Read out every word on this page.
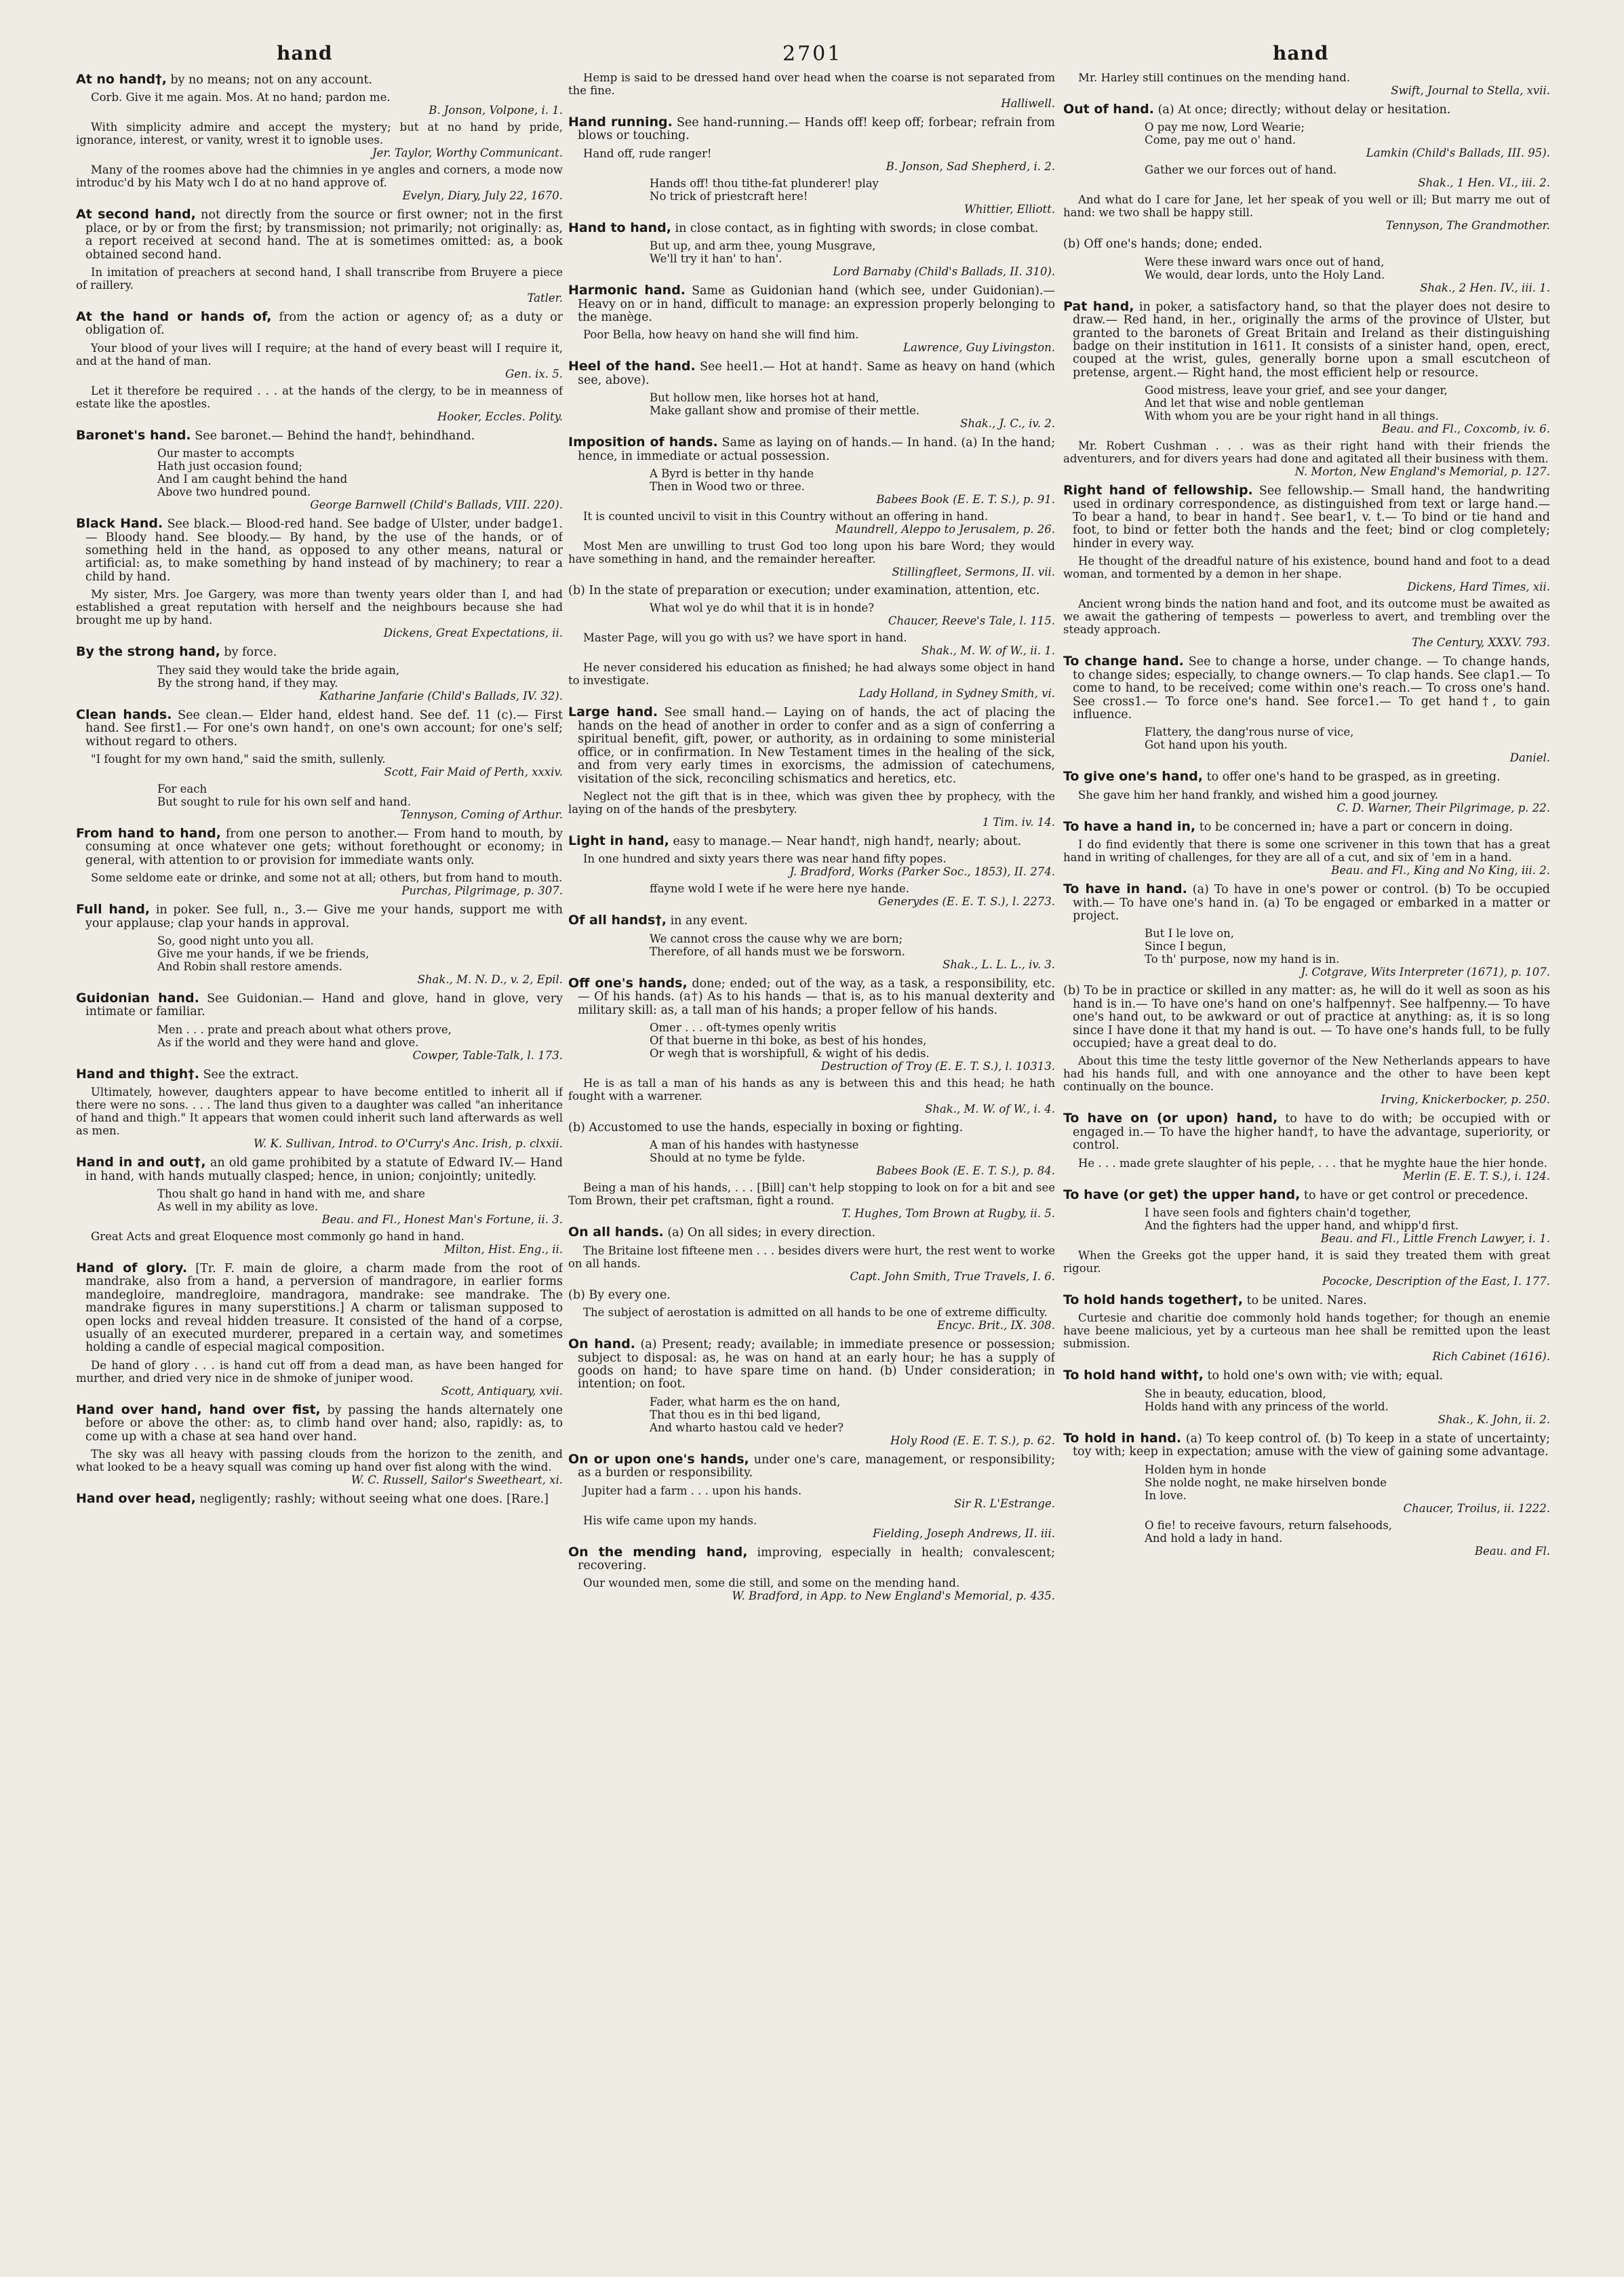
hand	2701	hand

At no hand†, by no means; not on any account.

Corb. Give it me again. Mos. At no hand; pardon me.
B. Jonson, Volpone, i. 1.

With simplicity admire and accept the mystery; but at no hand by pride, ignorance, interest, or vanity, wrest it to ignoble uses.
Jer. Taylor, Worthy Communicant.

Many of the roomes above had the chimnies in ye angles and corners, a mode now introduc'd by his Maty wch I do at no hand approve of.
Evelyn, Diary, July 22, 1670.

At second hand, not directly from the source or first owner; not in the first place, or by or from the first; by transmission; not primarily; not originally: as, a report received at second hand. The at is sometimes omitted: as, a book obtained second hand.

In imitation of preachers at second hand, I shall transcribe from Bruyere a piece of raillery.
Tatler.

At the hand or hands of, from the action or agency of; as a duty or obligation of.

Your blood of your lives will I require; at the hand of every beast will I require it, and at the hand of man.
Gen. ix. 5.

Let it therefore be required . . . at the hands of the clergy, to be in meanness of estate like the apostles.
Hooker, Eccles. Polity.

Baronet's hand. See baronet.— Behind the hand†, behindhand.

Our master to accompts
Hath just occasion found;
And I am caught behind the hand
Above two hundred pound.
George Barnwell (Child's Ballads, VIII. 220).

Black Hand. See black.— Blood-red hand. See badge of Ulster, under badge1.— Bloody hand. See bloody.— By hand, by the use of the hands, or of something held in the hand, as opposed to any other means, natural or artificial: as, to make something by hand instead of by machinery; to rear a child by hand.

My sister, Mrs. Joe Gargery, was more than twenty years older than I, and had established a great reputation with herself and the neighbours because she had brought me up by hand.
Dickens, Great Expectations, ii.

By the strong hand, by force.

They said they would take the bride again,
By the strong hand, if they may.
Katharine Janfarie (Child's Ballads, IV. 32).

Clean hands. See clean.— Elder hand, eldest hand. See def. 11 (c).— First hand. See first1.— For one's own hand†, on one's own account; for one's self; without regard to others.

"I fought for my own hand," said the smith, sullenly.
Scott, Fair Maid of Perth, xxxiv.

For each
But sought to rule for his own self and hand.
Tennyson, Coming of Arthur.

From hand to hand, from one person to another.— From hand to mouth, by consuming at once whatever one gets; without forethought or economy; in general, with attention to or provision for immediate wants only.

Some seldome eate or drinke, and some not at all; others, but from hand to mouth.
Purchas, Pilgrimage, p. 307.

Full hand, in poker. See full, n., 3.— Give me your hands, support me with your applause; clap your hands in approval.

So, good night unto you all.
Give me your hands, if we be friends,
And Robin shall restore amends.
Shak., M. N. D., v. 2, Epil.

Guidonian hand. See Guidonian.— Hand and glove, hand in glove, very intimate or familiar.

Men . . . prate and preach about what others prove,
As if the world and they were hand and glove.
Cowper, Table-Talk, l. 173.

Hand and thigh†. See the extract.

Ultimately, however, daughters appear to have become entitled to inherit all if there were no sons. . . . The land thus given to a daughter was called "an inheritance of hand and thigh." It appears that women could inherit such land afterwards as well as men.
W. K. Sullivan, Introd. to O'Curry's Anc. Irish, p. clxxii.

Hand in and out†, an old game prohibited by a statute of Edward IV.— Hand in hand, with hands mutually clasped; hence, in union; conjointly; unitedly.

Thou shalt go hand in hand with me, and share
As well in my ability as love.
Beau. and Fl., Honest Man's Fortune, ii. 3.

Great Acts and great Eloquence most commonly go hand in hand.
Milton, Hist. Eng., ii.

Hand of glory. [Tr. F. main de gloire, a charm made from the root of mandrake, also from a hand, a perversion of mandragore, in earlier forms mandegloire, mandregloire, mandragora, mandrake: see mandrake. The mandrake figures in many superstitions.] A charm or talisman supposed to open locks and reveal hidden treasure. It consisted of the hand of a corpse, usually of an executed murderer, prepared in a certain way, and sometimes holding a candle of especial magical composition.

De hand of glory . . . is hand cut off from a dead man, as have been hanged for murther, and dried very nice in de shmoke of juniper wood.
Scott, Antiquary, xvii.

Hand over hand, hand over fist, by passing the hands alternately one before or above the other: as, to climb hand over hand; also, rapidly: as, to come up with a chase at sea hand over hand.

The sky was all heavy with passing clouds from the horizon to the zenith, and what looked to be a heavy squall was coming up hand over fist along with the wind.
W. C. Russell, Sailor's Sweetheart, xi.

Hand over head, negligently; rashly; without seeing what one does. [Rare.]

Hemp is said to be dressed hand over head when the coarse is not separated from the fine.
Halliwell.

Hand running. See hand-running.— Hands off! keep off; forbear; refrain from blows or touching.

Hand off, rude ranger!
B. Jonson, Sad Shepherd, i. 2.

Hands off! thou tithe-fat plunderer! play
No trick of priestcraft here!
Whittier, Elliott.

Hand to hand, in close contact, as in fighting with swords; in close combat.

But up, and arm thee, young Musgrave,
We'll try it han' to han'.
Lord Barnaby (Child's Ballads, II. 310).

Harmonic hand. Same as Guidonian hand (which see, under Guidonian).— Heavy on or in hand, difficult to manage: an expression properly belonging to the manège.

Poor Bella, how heavy on hand she will find him.
Lawrence, Guy Livingston.

Heel of the hand. See heel1.— Hot at hand†. Same as heavy on hand (which see, above).

But hollow men, like horses hot at hand,
Make gallant show and promise of their mettle.
Shak., J. C., iv. 2.

Imposition of hands. Same as laying on of hands.— In hand. (a) In the hand; hence, in immediate or actual possession.

A Byrd is better in thy hande
Then in Wood two or three.
Babees Book (E. E. T. S.), p. 91.

It is counted uncivil to visit in this Country without an offering in hand.
Maundrell, Aleppo to Jerusalem, p. 26.

Most Men are unwilling to trust God too long upon his bare Word; they would have something in hand, and the remainder hereafter.
Stillingfleet, Sermons, II. vii.

(b) In the state of preparation or execution; under examination, attention, etc.

What wol ye do whil that it is in honde?
Chaucer, Reeve's Tale, l. 115.

Master Page, will you go with us? we have sport in hand.
Shak., M. W. of W., ii. 1.

He never considered his education as finished; he had always some object in hand to investigate.
Lady Holland, in Sydney Smith, vi.

Large hand. See small hand.— Laying on of hands, the act of placing the hands on the head of another in order to confer and as a sign of conferring a spiritual benefit, gift, power, or authority, as in ordaining to some ministerial office, or in confirmation. In New Testament times in the healing of the sick, and from very early times in exorcisms, the admission of catechumens, visitation of the sick, reconciling schismatics and heretics, etc.

Neglect not the gift that is in thee, which was given thee by prophecy, with the laying on of the hands of the presbytery.
1 Tim. iv. 14.

Light in hand, easy to manage.— Near hand†, nigh hand†, nearly; about.

In one hundred and sixty years there was near hand fifty popes.
J. Bradford, Works (Parker Soc., 1853), II. 274.

ffayne wold I wete if he were here nye hande.
Generydes (E. E. T. S.), l. 2273.

Of all hands†, in any event.

We cannot cross the cause why we are born;
Therefore, of all hands must we be forsworn.
Shak., L. L. L., iv. 3.

Off one's hands, done; ended; out of the way, as a task, a responsibility, etc.— Of his hands. (a†) As to his hands — that is, as to his manual dexterity and military skill: as, a tall man of his hands; a proper fellow of his hands.

Omer . . . oft-tymes openly writis
Of that buerne in thi boke, as best of his hondes,
Or wegh that is worshipfull, & wight of his dedis.
Destruction of Troy (E. E. T. S.), l. 10313.

He is as tall a man of his hands as any is between this and this head; he hath fought with a warrener.
Shak., M. W. of W., i. 4.

(b) Accustomed to use the hands, especially in boxing or fighting.

A man of his handes with hastynesse
Should at no tyme be fylde.
Babees Book (E. E. T. S.), p. 84.

Being a man of his hands, . . . [Bill] can't help stopping to look on for a bit and see Tom Brown, their pet craftsman, fight a round.
T. Hughes, Tom Brown at Rugby, ii. 5.

On all hands. (a) On all sides; in every direction.

The Britaine lost fifteene men . . . besides divers were hurt, the rest went to worke on all hands.
Capt. John Smith, True Travels, I. 6.

(b) By every one.

The subject of aerostation is admitted on all hands to be one of extreme difficulty.
Encyc. Brit., IX. 308.

On hand. (a) Present; ready; available; in immediate presence or possession; subject to disposal: as, he was on hand at an early hour; he has a supply of goods on hand; to have spare time on hand. (b) Under consideration; in intention; on foot.

Fader, what harm es the on hand,
That thou es in thi bed ligand,
And wharto hastou cald ve heder?
Holy Rood (E. E. T. S.), p. 62.

On or upon one's hands, under one's care, management, or responsibility; as a burden or responsibility.

Jupiter had a farm . . . upon his hands.
Sir R. L'Estrange.

His wife came upon my hands.
Fielding, Joseph Andrews, II. iii.

On the mending hand, improving, especially in health; convalescent; recovering.

Our wounded men, some die still, and some on the mending hand.
W. Bradford, in App. to New England's Memorial, p. 435.

Mr. Harley still continues on the mending hand.
Swift, Journal to Stella, xvii.

Out of hand. (a) At once; directly; without delay or hesitation.

O pay me now, Lord Wearie;
Come, pay me out o' hand.
Lamkin (Child's Ballads, III. 95).
Gather we our forces out of hand.
Shak., 1 Hen. VI., iii. 2.

And what do I care for Jane, let her speak of you well or ill; But marry me out of hand: we two shall be happy still.
Tennyson, The Grandmother.

(b) Off one's hands; done; ended.

Were these inward wars once out of hand,
We would, dear lords, unto the Holy Land.
Shak., 2 Hen. IV., iii. 1.

Pat hand, in poker, a satisfactory hand, so that the player does not desire to draw.— Red hand, in her., originally the arms of the province of Ulster, but granted to the baronets of Great Britain and Ireland as their distinguishing badge on their institution in 1611. It consists of a sinister hand, open, erect, couped at the wrist, gules, generally borne upon a small escutcheon of pretense, argent.— Right hand, the most efficient help or resource.

Good mistress, leave your grief, and see your danger,
And let that wise and noble gentleman
With whom you are be your right hand in all things.
Beau. and Fl., Coxcomb, iv. 6.

Mr. Robert Cushman . . . was as their right hand with their friends the adventurers, and for divers years had done and agitated all their business with them.
N. Morton, New England's Memorial, p. 127.

Right hand of fellowship. See fellowship.— Small hand, the handwriting used in ordinary correspondence, as distinguished from text or large hand.— To bear a hand, to bear in hand†. See bear1, v. t.— To bind or tie hand and foot, to bind or fetter both the hands and the feet; bind or clog completely; hinder in every way.

He thought of the dreadful nature of his existence, bound hand and foot to a dead woman, and tormented by a demon in her shape.
Dickens, Hard Times, xii.

Ancient wrong binds the nation hand and foot, and its outcome must be awaited as we await the gathering of tempests — powerless to avert, and trembling over the steady approach.
The Century, XXXV. 793.

To change hand. See to change a horse, under change. — To change hands, to change sides; especially, to change owners.— To clap hands. See clap1.— To come to hand, to be received; come within one's reach.— To cross one's hand. See cross1.— To force one's hand. See force1.— To get hand†, to gain influence.

Flattery, the dang'rous nurse of vice,
Got hand upon his youth.
Daniel.

To give one's hand, to offer one's hand to be grasped, as in greeting.

She gave him her hand frankly, and wished him a good journey.
C. D. Warner, Their Pilgrimage, p. 22.

To have a hand in, to be concerned in; have a part or concern in doing.

I do find evidently that there is some one scrivener in this town that has a great hand in writing of challenges, for they are all of a cut, and six of 'em in a hand.
Beau. and Fl., King and No King, iii. 2.

To have in hand. (a) To have in one's power or control. (b) To be occupied with.— To have one's hand in. (a) To be engaged or embarked in a matter or project.

But I le love on,
Since I begun,
To th' purpose, now my hand is in.
J. Cotgrave, Wits Interpreter (1671), p. 107.

(b) To be in practice or skilled in any matter: as, he will do it well as soon as his hand is in.— To have one's hand on one's halfpenny†. See halfpenny.— To have one's hand out, to be awkward or out of practice at anything: as, it is so long since I have done it that my hand is out. — To have one's hands full, to be fully occupied; have a great deal to do.

About this time the testy little governor of the New Netherlands appears to have had his hands full, and with one annoyance and the other to have been kept continually on the bounce.
Irving, Knickerbocker, p. 250.

To have on (or upon) hand, to have to do with; be occupied with or engaged in.— To have the higher hand†, to have the advantage, superiority, or control.

He . . . made grete slaughter of his peple, . . . that he myghte haue the hier honde.
Merlin (E. E. T. S.), i. 124.

To have (or get) the upper hand, to have or get control or precedence.

I have seen fools and fighters chain'd together,
And the fighters had the upper hand, and whipp'd first.
Beau. and Fl., Little French Lawyer, i. 1.

When the Greeks got the upper hand, it is said they treated them with great rigour.
Pococke, Description of the East, I. 177.

To hold hands together†, to be united. Nares.

Curtesie and charitie doe commonly hold hands together; for though an enemie have beene malicious, yet by a curteous man hee shall be remitted upon the least submission.
Rich Cabinet (1616).

To hold hand with†, to hold one's own with; vie with; equal.

She in beauty, education, blood,
Holds hand with any princess of the world.
Shak., K. John, ii. 2.

To hold in hand. (a) To keep control of. (b) To keep in a state of uncertainty; toy with; keep in expectation; amuse with the view of gaining some advantage.

Holden hym in honde
She nolde noght, ne make hirselven bonde
In love.
Chaucer, Troilus, ii. 1222.
O fie! to receive favours, return falsehoods,
And hold a lady in hand.
Beau. and Fl.
